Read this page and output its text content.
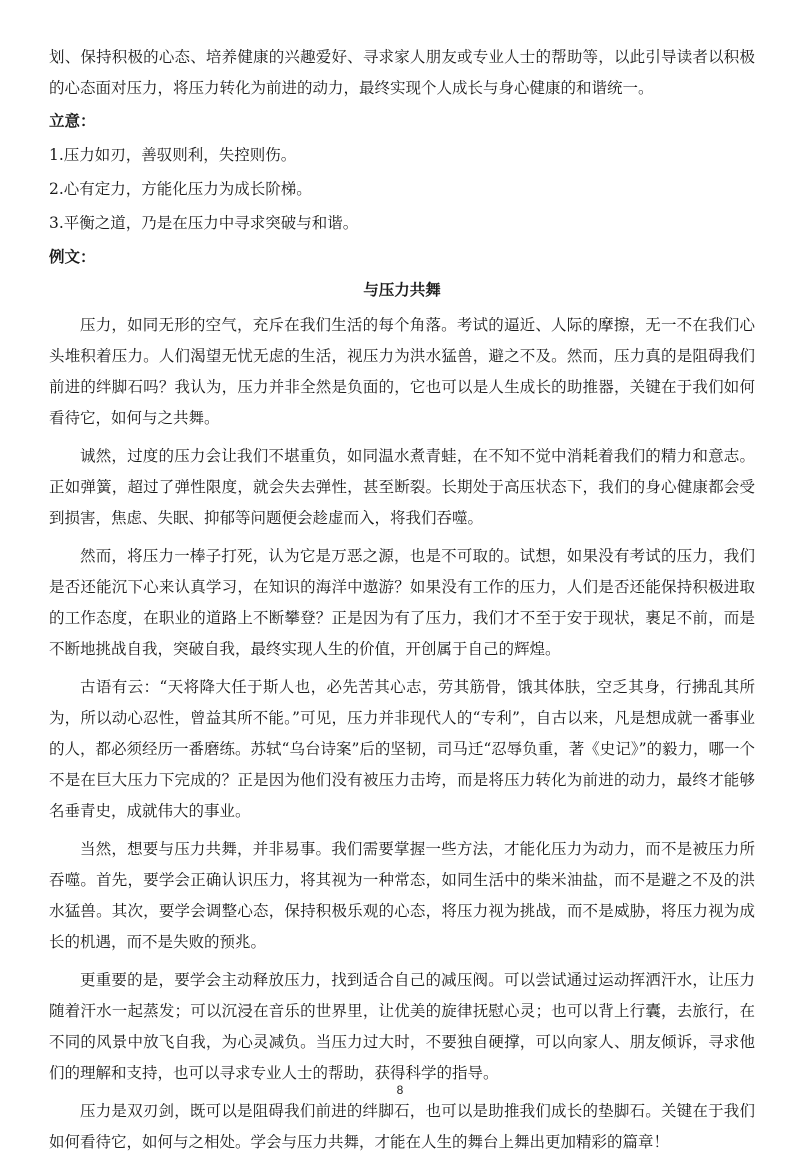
划、保持积极的心态、培养健康的兴趣爱好、寻求家人朋友或专业人士的帮助等，以此引导读者以积极的心态面对压力，将压力转化为前进的动力，最终实现个人成长与身心健康的和谐统一。

立意：
1.压力如刃，善驭则利，失控则伤。
2.心有定力，方能化压力为成长阶梯。
3.平衡之道，乃是在压力中寻求突破与和谐。
例文：
与压力共舞

压力，如同无形的空气，充斥在我们生活的每个角落。考试的逼近、人际的摩擦，无一不在我们心头堆积着压力。人们渴望无忧无虑的生活，视压力为洪水猛兽，避之不及。然而，压力真的是阻碍我们前进的绊脚石吗？我认为，压力并非全然是负面的，它也可以是人生成长的助推器，关键在于我们如何看待它，如何与之共舞。

诚然，过度的压力会让我们不堪重负，如同温水煮青蛙，在不知不觉中消耗着我们的精力和意志。正如弹簧，超过了弹性限度，就会失去弹性，甚至断裂。长期处于高压状态下，我们的身心健康都会受到损害，焦虑、失眠、抑郁等问题便会趁虚而入，将我们吞噬。

然而，将压力一棒子打死，认为它是万恶之源，也是不可取的。试想，如果没有考试的压力，我们是否还能沉下心来认真学习，在知识的海洋中遨游？如果没有工作的压力，人们是否还能保持积极进取的工作态度，在职业的道路上不断攀登？正是因为有了压力，我们才不至于安于现状，裹足不前，而是不断地挑战自我，突破自我，最终实现人生的价值，开创属于自己的辉煌。

古语有云：“天将降大任于斯人也，必先苦其心志，劳其筋骨，饿其体肤，空乏其身，行拂乱其所为，所以动心忍性，曾益其所不能。”可见，压力并非现代人的“专利”，自古以来，凡是想成就一番事业的人，都必须经历一番磨练。苏轼“乌台诗案”后的坚韧，司马迁“忍辱负重，著《史记》”的毅力，哪一个不是在巨大压力下完成的？正是因为他们没有被压力击垮，而是将压力转化为前进的动力，最终才能够名垂青史，成就伟大的事业。

当然，想要与压力共舞，并非易事。我们需要掌握一些方法，才能化压力为动力，而不是被压力所吞噬。首先，要学会正确认识压力，将其视为一种常态，如同生活中的柴米油盐，而不是避之不及的洪水猛兽。其次，要学会调整心态，保持积极乐观的心态，将压力视为挑战，而不是威胁，将压力视为成长的机遇，而不是失败的预兆。

更重要的是，要学会主动释放压力，找到适合自己的减压阀。可以尝试通过运动挥洒汗水，让压力随着汗水一起蒸发；可以沉浸在音乐的世界里，让优美的旋律抚慰心灵；也可以背上行囊，去旅行，在不同的风景中放飞自我，为心灵减负。当压力过大时，不要独自硬撑，可以向家人、朋友倾诉，寻求他们的理解和支持，也可以寻求专业人士的帮助，获得科学的指导。

压力是双刃剑，既可以是阻碍我们前进的绊脚石，也可以是助推我们成长的垫脚石。关键在于我们如何看待它，如何与之相处。学会与压力共舞，才能在人生的舞台上舞出更加精彩的篇章！

8
